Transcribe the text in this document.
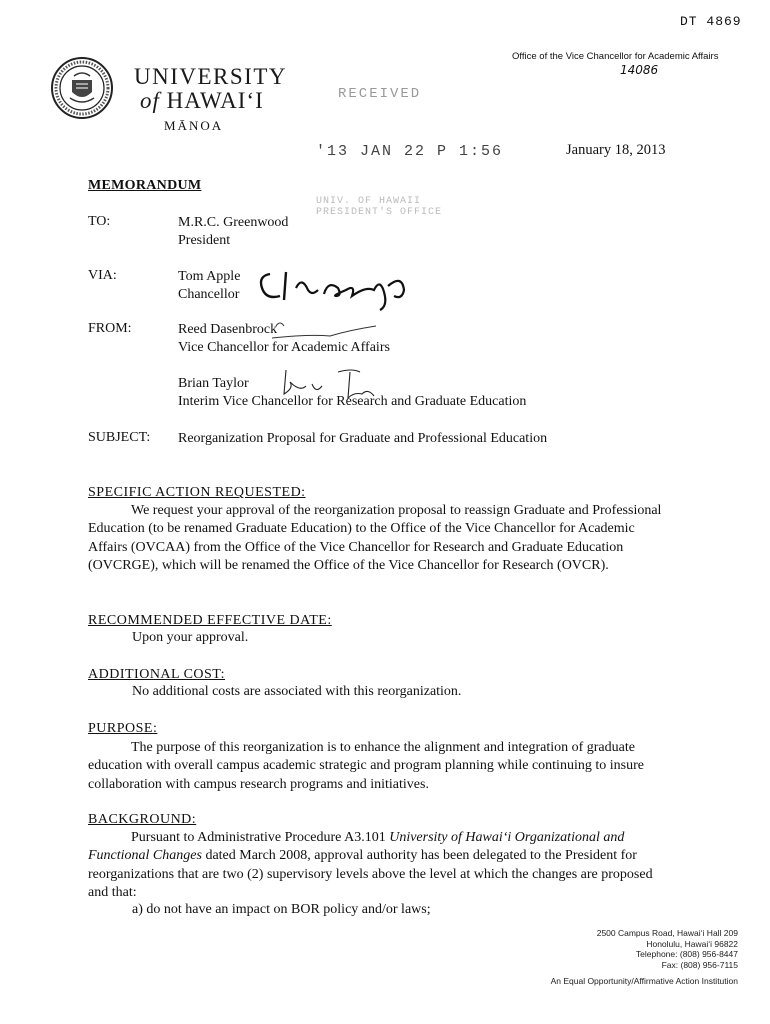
DT 4869
Office of the Vice Chancellor for Academic Affairs
14086
UNIVERSITY
of HAWAI‘I
MĀNOA
RECEIVED
'13 JAN 22 P 1:56
UNIV. OF HAWAII
PRESIDENT'S OFFICE
January 18, 2013
MEMORANDUM
TO:	M.R.C. Greenwood
President
VIA:	Tom Apple
Chancellor
FROM:	Reed Dasenbrock
Vice Chancellor for Academic Affairs
Brian Taylor
Interim Vice Chancellor for Research and Graduate Education
SUBJECT: Reorganization Proposal for Graduate and Professional Education
SPECIFIC ACTION REQUESTED:
We request your approval of the reorganization proposal to reassign Graduate and Professional Education (to be renamed Graduate Education) to the Office of the Vice Chancellor for Academic Affairs (OVCAA) from the Office of the Vice Chancellor for Research and Graduate Education (OVCRGE), which will be renamed the Office of the Vice Chancellor for Research (OVCR).
RECOMMENDED EFFECTIVE DATE:
Upon your approval.
ADDITIONAL COST:
No additional costs are associated with this reorganization.
PURPOSE:
The purpose of this reorganization is to enhance the alignment and integration of graduate education with overall campus academic strategic and program planning while continuing to insure collaboration with campus research programs and initiatives.
BACKGROUND:
Pursuant to Administrative Procedure A3.101 University of Hawai‘i Organizational and Functional Changes dated March 2008, approval authority has been delegated to the President for reorganizations that are two (2) supervisory levels above the level at which the changes are proposed and that:
a) do not have an impact on BOR policy and/or laws;
2500 Campus Road, Hawai‘i Hall 209
Honolulu, Hawai‘i 96822
Telephone: (808) 956-8447
Fax: (808) 956-7115
An Equal Opportunity/Affirmative Action Institution
